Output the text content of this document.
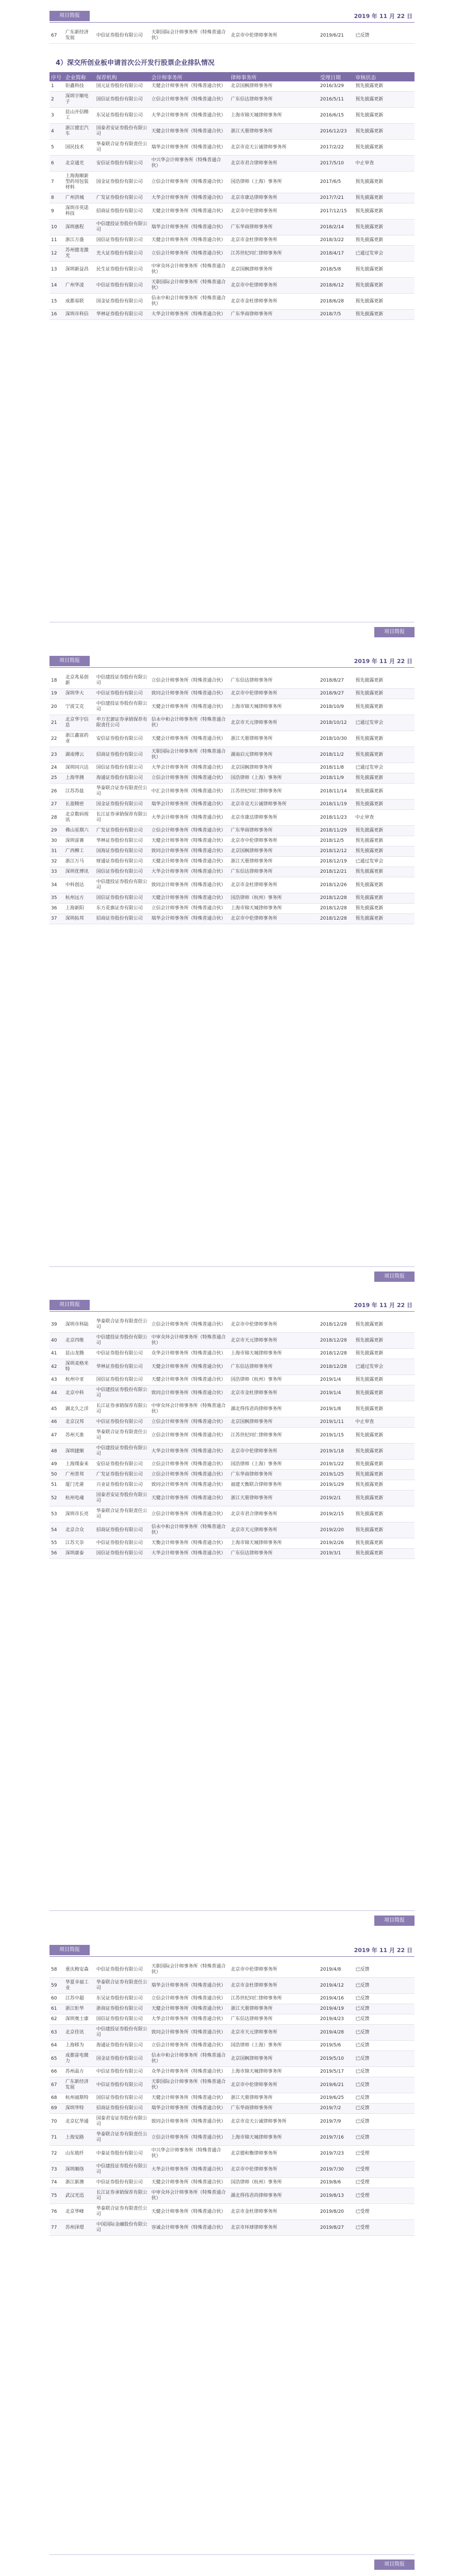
项目简报	2019 年 11 月 22 日
67	广东新经济发展	中信证券股份有限公司	天职国际会计师事务所（特殊普通合伙）	北京市中伦律师事务所	2019/6/21	已反馈
4）深交所创业板申请首次公开发行股票企业排队情况
序号	企业简称	保荐机构	会计师事务所	律师事务所	受理日期	审核状态
1	钜鑫科技	国元证券股份有限公司	天健会计师事务所（特殊普通合伙）	北京国枫律师事务所	2016/3/29	预先披露更新
2	深圳宇顺电子	国信证券股份有限公司	立信会计师事务所（特殊普通合伙）	广东信达律师事务所	2016/5/11	预先披露更新
3	昆山开信精工	东吴证券股份有限公司	大华会计师事务所（特殊普通合伙）	上海市锦天城律师事务所	2016/6/15	预先披露更新
4	浙江德宏汽车	国泰君安证券股份有限公司	天健会计师事务所（特殊普通合伙）	浙江天册律师事务所	2016/12/23	预先披露更新
5	国民技术	华泰联合证券有限责任公司	瑞华会计师事务所（特殊普通合伙）	北京市竞天公诚律师事务所	2017/2/22	预先披露更新
6	北京通光	安信证券股份有限公司	中兴华会计师事务所（特殊普通合伙）	北京市君合律师事务所	2017/5/10	中止审查
7	上海海顺新型药用包装材料	国金证券股份有限公司	立信会计师事务所（特殊普通合伙）	国浩律师（上海）事务所	2017/6/5	预先披露更新
8	广州洪城	广发证券股份有限公司	大华会计师事务所（特殊普通合伙）	北京市康达律师事务所	2017/7/21	预先披露更新
9	深圳市英诺科技	招商证券股份有限公司	天健会计师事务所（特殊普通合伙）	北京市中伦律师事务所	2017/12/15	预先披露更新
10	深圳惠程	中信建投证券股份有限公司	瑞华会计师事务所（特殊普通合伙）	广东华商律师事务所	2018/2/14	预先披露更新
11	浙江万盛	国信证券股份有限公司	天健会计师事务所（特殊普通合伙）	北京市金杜律师事务所	2018/3/22	预先披露更新
12	苏州德龙激光	光大证券股份有限公司	立信会计师事务所（特殊普通合伙）	江苏世纪同仁律师事务所	2018/4/17	已通过发审会
13	深圳新益昌	民生证券股份有限公司	中审众环会计师事务所（特殊普通合伙）	北京国枫律师事务所	2018/5/8	预先披露更新
14	广州华凌	中信证券股份有限公司	天职国际会计师事务所（特殊普通合伙）	北京市中伦律师事务所	2018/6/12	预先披露更新
15	成都易联	国金证券股份有限公司	信永中和会计师事务所（特殊普通合伙）	北京市金杜律师事务所	2018/6/28	预先披露更新
16	深圳市科信	华林证券股份有限公司	大华会计师事务所（特殊普通合伙）	广东华商律师事务所	2018/7/5	预先披露更新
项目简报
项目简报	2019 年 11 月 22 日
18	北京兆易创新	中信建投证券股份有限公司	立信会计师事务所（特殊普通合伙）	广东信达律师事务所	2018/8/27	预先披露更新
19	深圳华大	中信证券股份有限公司	致同会计师事务所（特殊普通合伙）	北京市中伦律师事务所	2018/9/27	预先披露更新
20	宁波艾克	中信建投证券股份有限公司	天健会计师事务所（特殊普通合伙）	上海市锦天城律师事务所	2018/10/9	预先披露更新
21	北京华宇信息	申万宏源证券承销保荐有限责任公司	信永中和会计师事务所（特殊普通合伙）	北京市天元律师事务所	2018/10/12	已通过发审会
22	浙江鑫富药业	安信证券股份有限公司	天健会计师事务所（特殊普通合伙）	浙江天册律师事务所	2018/10/30	预先披露更新
23	湖南博云	招商证券股份有限公司	天职国际会计师事务所（特殊普通合伙）	湖南启元律师事务所	2018/11/2	预先披露更新
24	深圳同兴达	国信证券股份有限公司	大华会计师事务所（特殊普通合伙）	北京国枫律师事务所	2018/11/8	已通过发审会
25	上海华测	海通证券股份有限公司	立信会计师事务所（特殊普通合伙）	国浩律师（上海）事务所	2018/11/9	预先披露更新
26	江苏苏盐	华泰联合证券有限责任公司	中汇会计师事务所（特殊普通合伙）	江苏世纪同仁律师事务所	2018/11/14	预先披露更新
27	长盈精密	国金证券股份有限公司	瑞华会计师事务所（特殊普通合伙）	北京市竞天公诚律师事务所	2018/11/19	预先披露更新
28	北京数码视讯	长江证券承销保荐有限公司	大华会计师事务所（特殊普通合伙）	北京市康达律师事务所	2018/11/23	中止审查
29	佛山星期六	广发证券股份有限公司	立信会计师事务所（特殊普通合伙）	广东华商律师事务所	2018/11/29	预先披露更新
30	深圳雷赛	华林证券股份有限公司	天健会计师事务所（特殊普通合伙）	北京市中伦律师事务所	2018/12/5	预先披露更新
31	广西柳工	国海证券股份有限公司	致同会计师事务所（特殊普通合伙）	北京国枫律师事务所	2018/12/12	预先披露更新
32	浙江万马	财通证券股份有限公司	天健会计师事务所（特殊普通合伙）	浙江天册律师事务所	2018/12/19	已通过发审会
33	深圳优博讯	国信证券股份有限公司	大华会计师事务所（特殊普通合伙）	广东信达律师事务所	2018/12/21	预先披露更新
34	中科创达	中信建投证券股份有限公司	致同会计师事务所（特殊普通合伙）	北京市金杜律师事务所	2018/12/26	预先披露更新
35	杭州远方	国信证券股份有限公司	天健会计师事务所（特殊普通合伙）	国浩律师（杭州）事务所	2018/12/28	预先披露更新
36	上海新阳	东方花旗证券有限公司	立信会计师事务所（特殊普通合伙）	上海市锦天城律师事务所	2018/12/28	预先披露更新
37	深圳拓邦	招商证券股份有限公司	瑞华会计师事务所（特殊普通合伙）	北京市中伦律师事务所	2018/12/28	预先披露更新
项目简报
项目简报	2019 年 11 月 22 日
39	深圳市科陆	华泰联合证券有限责任公司	立信会计师事务所（特殊普通合伙）	北京市中伦律师事务所	2018/12/28	预先披露更新
40	北京四维	中信建投证券股份有限公司	中审众环会计师事务所（特殊普通合伙）	北京市天元律师事务所	2018/12/28	预先披露更新
41	昆山龙腾	中信证券股份有限公司	众华会计师事务所（特殊普通合伙）	上海市锦天城律师事务所	2018/12/28	预先披露更新
42	深圳麦格米特	华林证券股份有限公司	天健会计师事务所（特殊普通合伙）	广东信达律师事务所	2018/12/28	已通过发审会
43	杭州中亚	国信证券股份有限公司	天健会计师事务所（特殊普通合伙）	国浩律师（杭州）事务所	2019/1/4	预先披露更新
44	北京中科	中信建投证券股份有限公司	致同会计师事务所（特殊普通合伙）	北京市金杜律师事务所	2019/1/4	预先披露更新
45	湖北久之洋	长江证券承销保荐有限公司	中审众环会计师事务所（特殊普通合伙）	湖北得伟君尚律师事务所	2019/1/8	预先披露更新
46	北京汉邦	中信证券股份有限公司	立信会计师事务所（特殊普通合伙）	北京国枫律师事务所	2019/1/11	中止审查
47	苏州天准	华泰联合证券有限责任公司	立信会计师事务所（特殊普通合伙）	江苏世纪同仁律师事务所	2019/1/15	预先披露更新
48	深圳捷顺	中信建投证券股份有限公司	大华会计师事务所（特殊普通合伙）	北京市中伦律师事务所	2019/1/18	预先披露更新
49	上海璞泰来	安信证券股份有限公司	立信会计师事务所（特殊普通合伙）	国浩律师（上海）事务所	2019/1/22	预先披露更新
50	广州普邦	广发证券股份有限公司	立信会计师事务所（特殊普通合伙）	广东华商律师事务所	2019/1/25	预先披露更新
51	厦门光莆	兴业证券股份有限公司	致同会计师事务所（特殊普通合伙）	福建天衡联合律师事务所	2019/1/29	预先披露更新
52	杭州电魂	国泰君安证券股份有限公司	天健会计师事务所（特殊普通合伙）	浙江天册律师事务所	2019/2/1	预先披露更新
53	深圳市长亮	华泰联合证券有限责任公司	立信会计师事务所（特殊普通合伙）	北京市君合律师事务所	2019/2/15	预先披露更新
54	北京合众	招商证券股份有限公司	信永中和会计师事务所（特殊普通合伙）	北京市天元律师事务所	2019/2/20	预先披露更新
55	江苏天奈	中信证券股份有限公司	天衡会计师事务所（特殊普通合伙）	上海市锦天城律师事务所	2019/2/26	预先披露更新
56	深圳康泰	国信证券股份有限公司	大华会计师事务所（特殊普通合伙）	广东信达律师事务所	2019/3/1	预先披露更新
项目简报
项目简报	2019 年 11 月 22 日
58	重庆梅安森	中信证券股份有限公司	天职国际会计师事务所（特殊普通合伙）	北京市中伦律师事务所	2019/4/8	已反馈
59	华夏幸福工业	华泰联合证券有限责任公司	瑞华会计师事务所（特殊普通合伙）	北京市金杜律师事务所	2019/4/12	已反馈
60	江苏中超	东吴证券股份有限公司	立信会计师事务所（特殊普通合伙）	江苏世纪同仁律师事务所	2019/4/16	已反馈
61	浙江炬华	浙商证券股份有限公司	天健会计师事务所（特殊普通合伙）	浙江天册律师事务所	2019/4/19	已反馈
62	深圳奥士康	国信证券股份有限公司	大华会计师事务所（特殊普通合伙）	广东信达律师事务所	2019/4/23	已反馈
63	北京佳讯	中信建投证券股份有限公司	致同会计师事务所（特殊普通合伙）	北京市天元律师事务所	2019/4/28	已反馈
64	上海移为	海通证券股份有限公司	立信会计师事务所（特殊普通合伙）	国浩律师（上海）事务所	2019/5/6	已反馈
65	成都雷电微力	国金证券股份有限公司	信永中和会计师事务所（特殊普通合伙）	北京国枫律师事务所	2019/5/10	已反馈
66	苏州晶方	中信证券股份有限公司	众华会计师事务所（特殊普通合伙）	上海市锦天城律师事务所	2019/5/17	已反馈
67	广东新经济发展	中信证券股份有限公司	天职国际会计师事务所（特殊普通合伙）	北京市中伦律师事务所	2019/6/21	已反馈
68	杭州福斯特	国信证券股份有限公司	天健会计师事务所（特殊普通合伙）	浙江天册律师事务所	2019/6/25	已反馈
69	深圳华特	招商证券股份有限公司	瑞华会计师事务所（特殊普通合伙）	广东华商律师事务所	2019/7/2	已反馈
70	北京亿华通	国泰君安证券股份有限公司	致同会计师事务所（特殊普通合伙）	北京市竞天公诚律师事务所	2019/7/9	已反馈
71	上海安路	华泰联合证券有限责任公司	立信会计师事务所（特殊普通合伙）	上海市锦天城律师事务所	2019/7/16	已反馈
72	山东玻纤	中泰证券股份有限公司	中兴华会计师事务所（特殊普通合伙）	北京德和衡律师事务所	2019/7/23	已受理
73	深圳顺络	中信建投证券股份有限公司	大华会计师事务所（特殊普通合伙）	北京市中伦律师事务所	2019/7/30	已受理
74	浙江新澳	中信证券股份有限公司	天健会计师事务所（特殊普通合伙）	国浩律师（杭州）事务所	2019/8/6	已受理
75	武汉光迅	长江证券承销保荐有限公司	中审众环会计师事务所（特殊普通合伙）	湖北得伟君尚律师事务所	2019/8/13	已受理
76	北京华峰	华泰联合证券有限责任公司	天健会计师事务所（特殊普通合伙）	北京市金杜律师事务所	2019/8/20	已受理
77	苏州泽璟	中国国际金融股份有限公司	容诚会计师事务所（特殊普通合伙）	北京市环球律师事务所	2019/8/27	已受理
项目简报
